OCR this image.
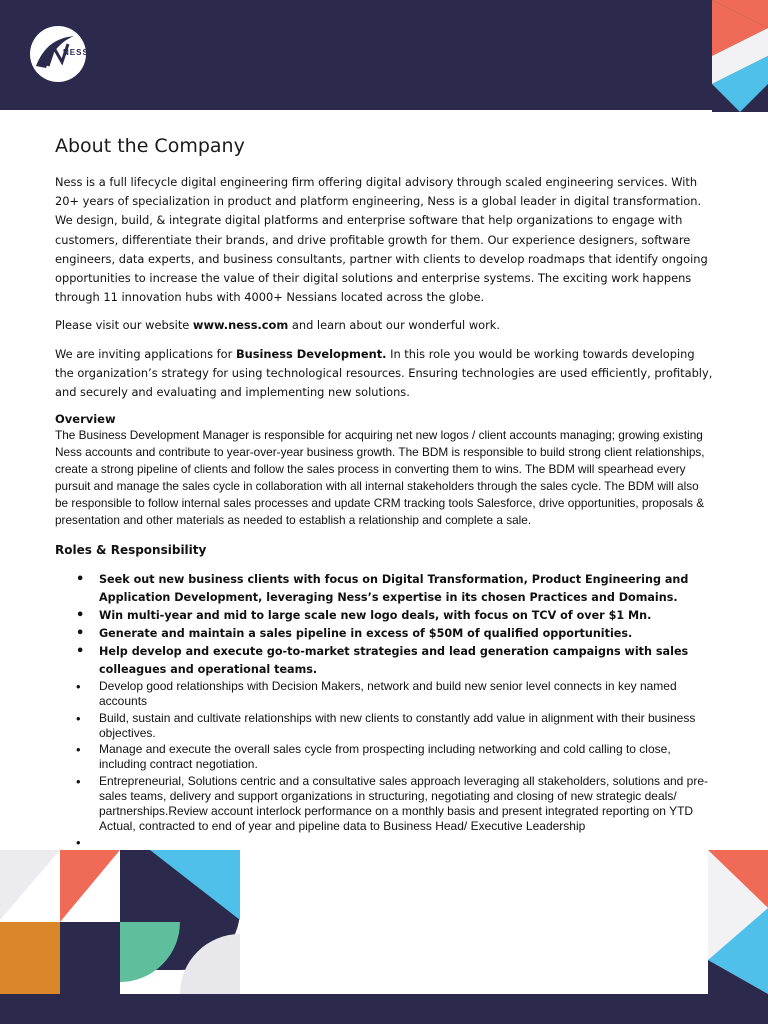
NESS
About the Company

Ness is a full lifecycle digital engineering firm offering digital advisory through scaled engineering services. With 20+ years of specialization in product and platform engineering, Ness is a global leader in digital transformation. We design, build, & integrate digital platforms and enterprise software that help organizations to engage with customers, differentiate their brands, and drive profitable growth for them. Our experience designers, software engineers, data experts, and business consultants, partner with clients to develop roadmaps that identify ongoing opportunities to increase the value of their digital solutions and enterprise systems. The exciting work happens through 11 innovation hubs with 4000+ Nessians located across the globe.

Please visit our website www.ness.com and learn about our wonderful work.

We are inviting applications for Business Development. In this role you would be working towards developing the organization’s strategy for using technological resources. Ensuring technologies are used efficiently, profitably, and securely and evaluating and implementing new solutions.

Overview

The Business Development Manager is responsible for acquiring net new logos / client accounts managing; growing existing Ness accounts and contribute to year-over-year business growth. The BDM is responsible to build strong client relationships, create a strong pipeline of clients and follow the sales process in converting them to wins. The BDM will spearhead every pursuit and manage the sales cycle in collaboration with all internal stakeholders through the sales cycle. The BDM will also be responsible to follow internal sales processes and update CRM tracking tools Salesforce, drive opportunities, proposals & presentation and other materials as needed to establish a relationship and complete a sale.

Roles & Responsibility

• Seek out new business clients with focus on Digital Transformation, Product Engineering and Application Development, leveraging Ness’s expertise in its chosen Practices and Domains.
• Win multi-year and mid to large scale new logo deals, with focus on TCV of over $1 Mn.
• Generate and maintain a sales pipeline in excess of $50M of qualified opportunities.
• Help develop and execute go-to-market strategies and lead generation campaigns with sales colleagues and operational teams.
• Develop good relationships with Decision Makers, network and build new senior level connects in key named accounts
• Build, sustain and cultivate relationships with new clients to constantly add value in alignment with their business objectives.
• Manage and execute the overall sales cycle from prospecting including networking and cold calling to close, including contract negotiation.
• Entrepreneurial, Solutions centric and a consultative sales approach leveraging all stakeholders, solutions and pre-sales teams, delivery and support organizations in structuring, negotiating and closing of new strategic deals/ partnerships.Review account interlock performance on a monthly basis and present integrated reporting on YTD Actual, contracted to end of year and pipeline data to Business Head/ Executive Leadership
